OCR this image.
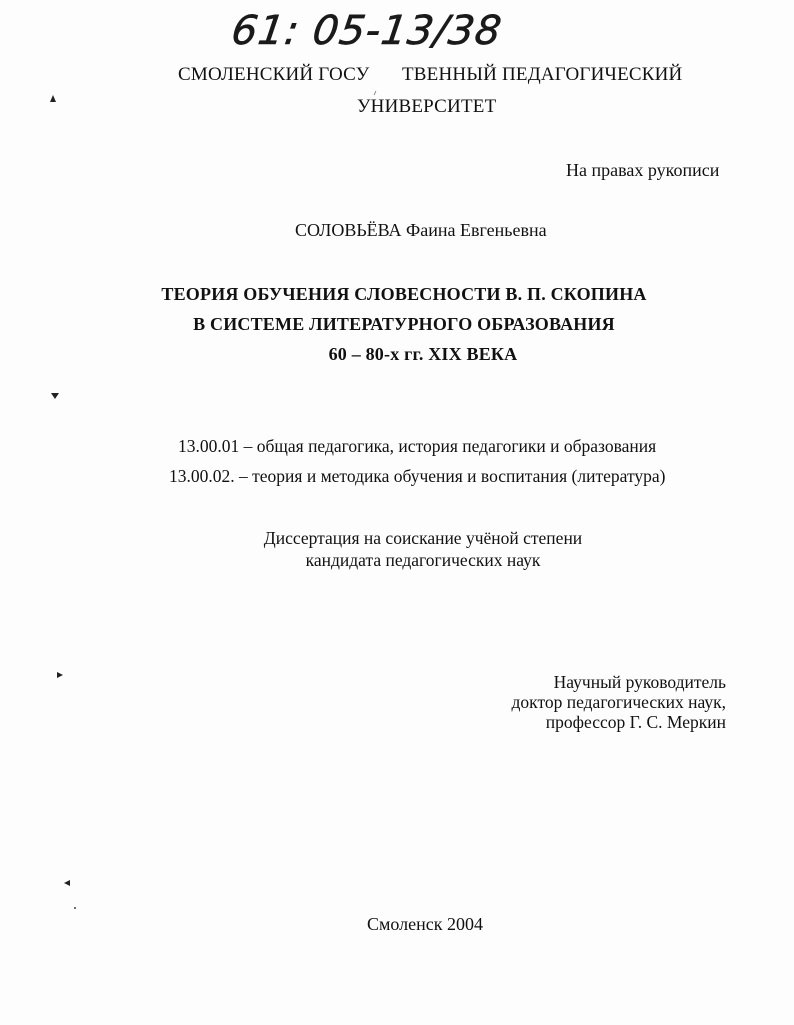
61: 05-13/38
СМОЛЕНСКИЙ ГОСУ ТВЕННЫЙ ПЕДАГОГИЧЕСКИЙ
УНИВЕРСИТЕТ
На правах рукописи
СОЛОВЬЁВА Фаина Евгеньевна
ТЕОРИЯ ОБУЧЕНИЯ СЛОВЕСНОСТИ В. П. СКОПИНА
В СИСТЕМЕ ЛИТЕРАТУРНОГО ОБРАЗОВАНИЯ
60 – 80-х гг. XIX ВЕКА
13.00.01 – общая педагогика, история педагогики и образования
13.00.02. – теория и методика обучения и воспитания (литература)
Диссертация на соискание учёной степени
кандидата педагогических наук
Научный руководитель
доктор педагогических наук,
профессор Г. С. Меркин
Смоленск 2004
